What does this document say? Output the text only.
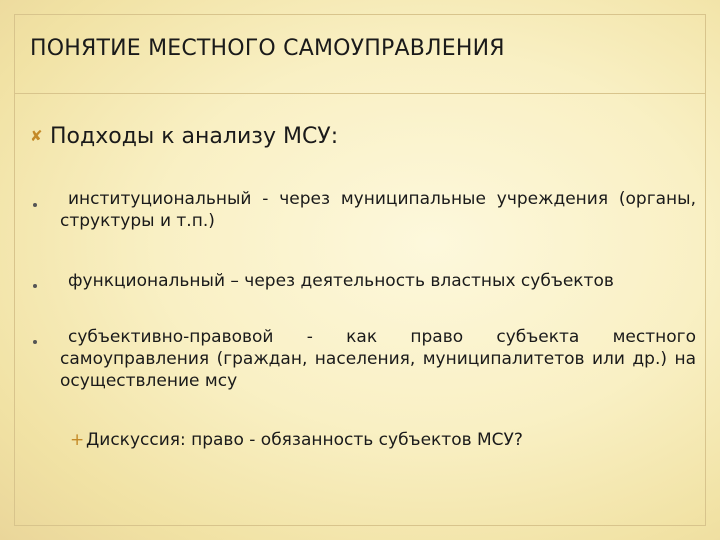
ПОНЯТИЕ МЕСТНОГО САМОУПРАВЛЕНИЯ
✘ Подходы к анализу МСУ:
институциональный - через муниципальные учреждения (органы, структуры и т.п.)
функциональный – через деятельность властных субъектов
субъективно-правовой - как право субъекта местного самоуправления (граждан, населения, муниципалитетов или др.) на осуществление мсу
+ Дискуссия: право - обязанность субъектов МСУ?
